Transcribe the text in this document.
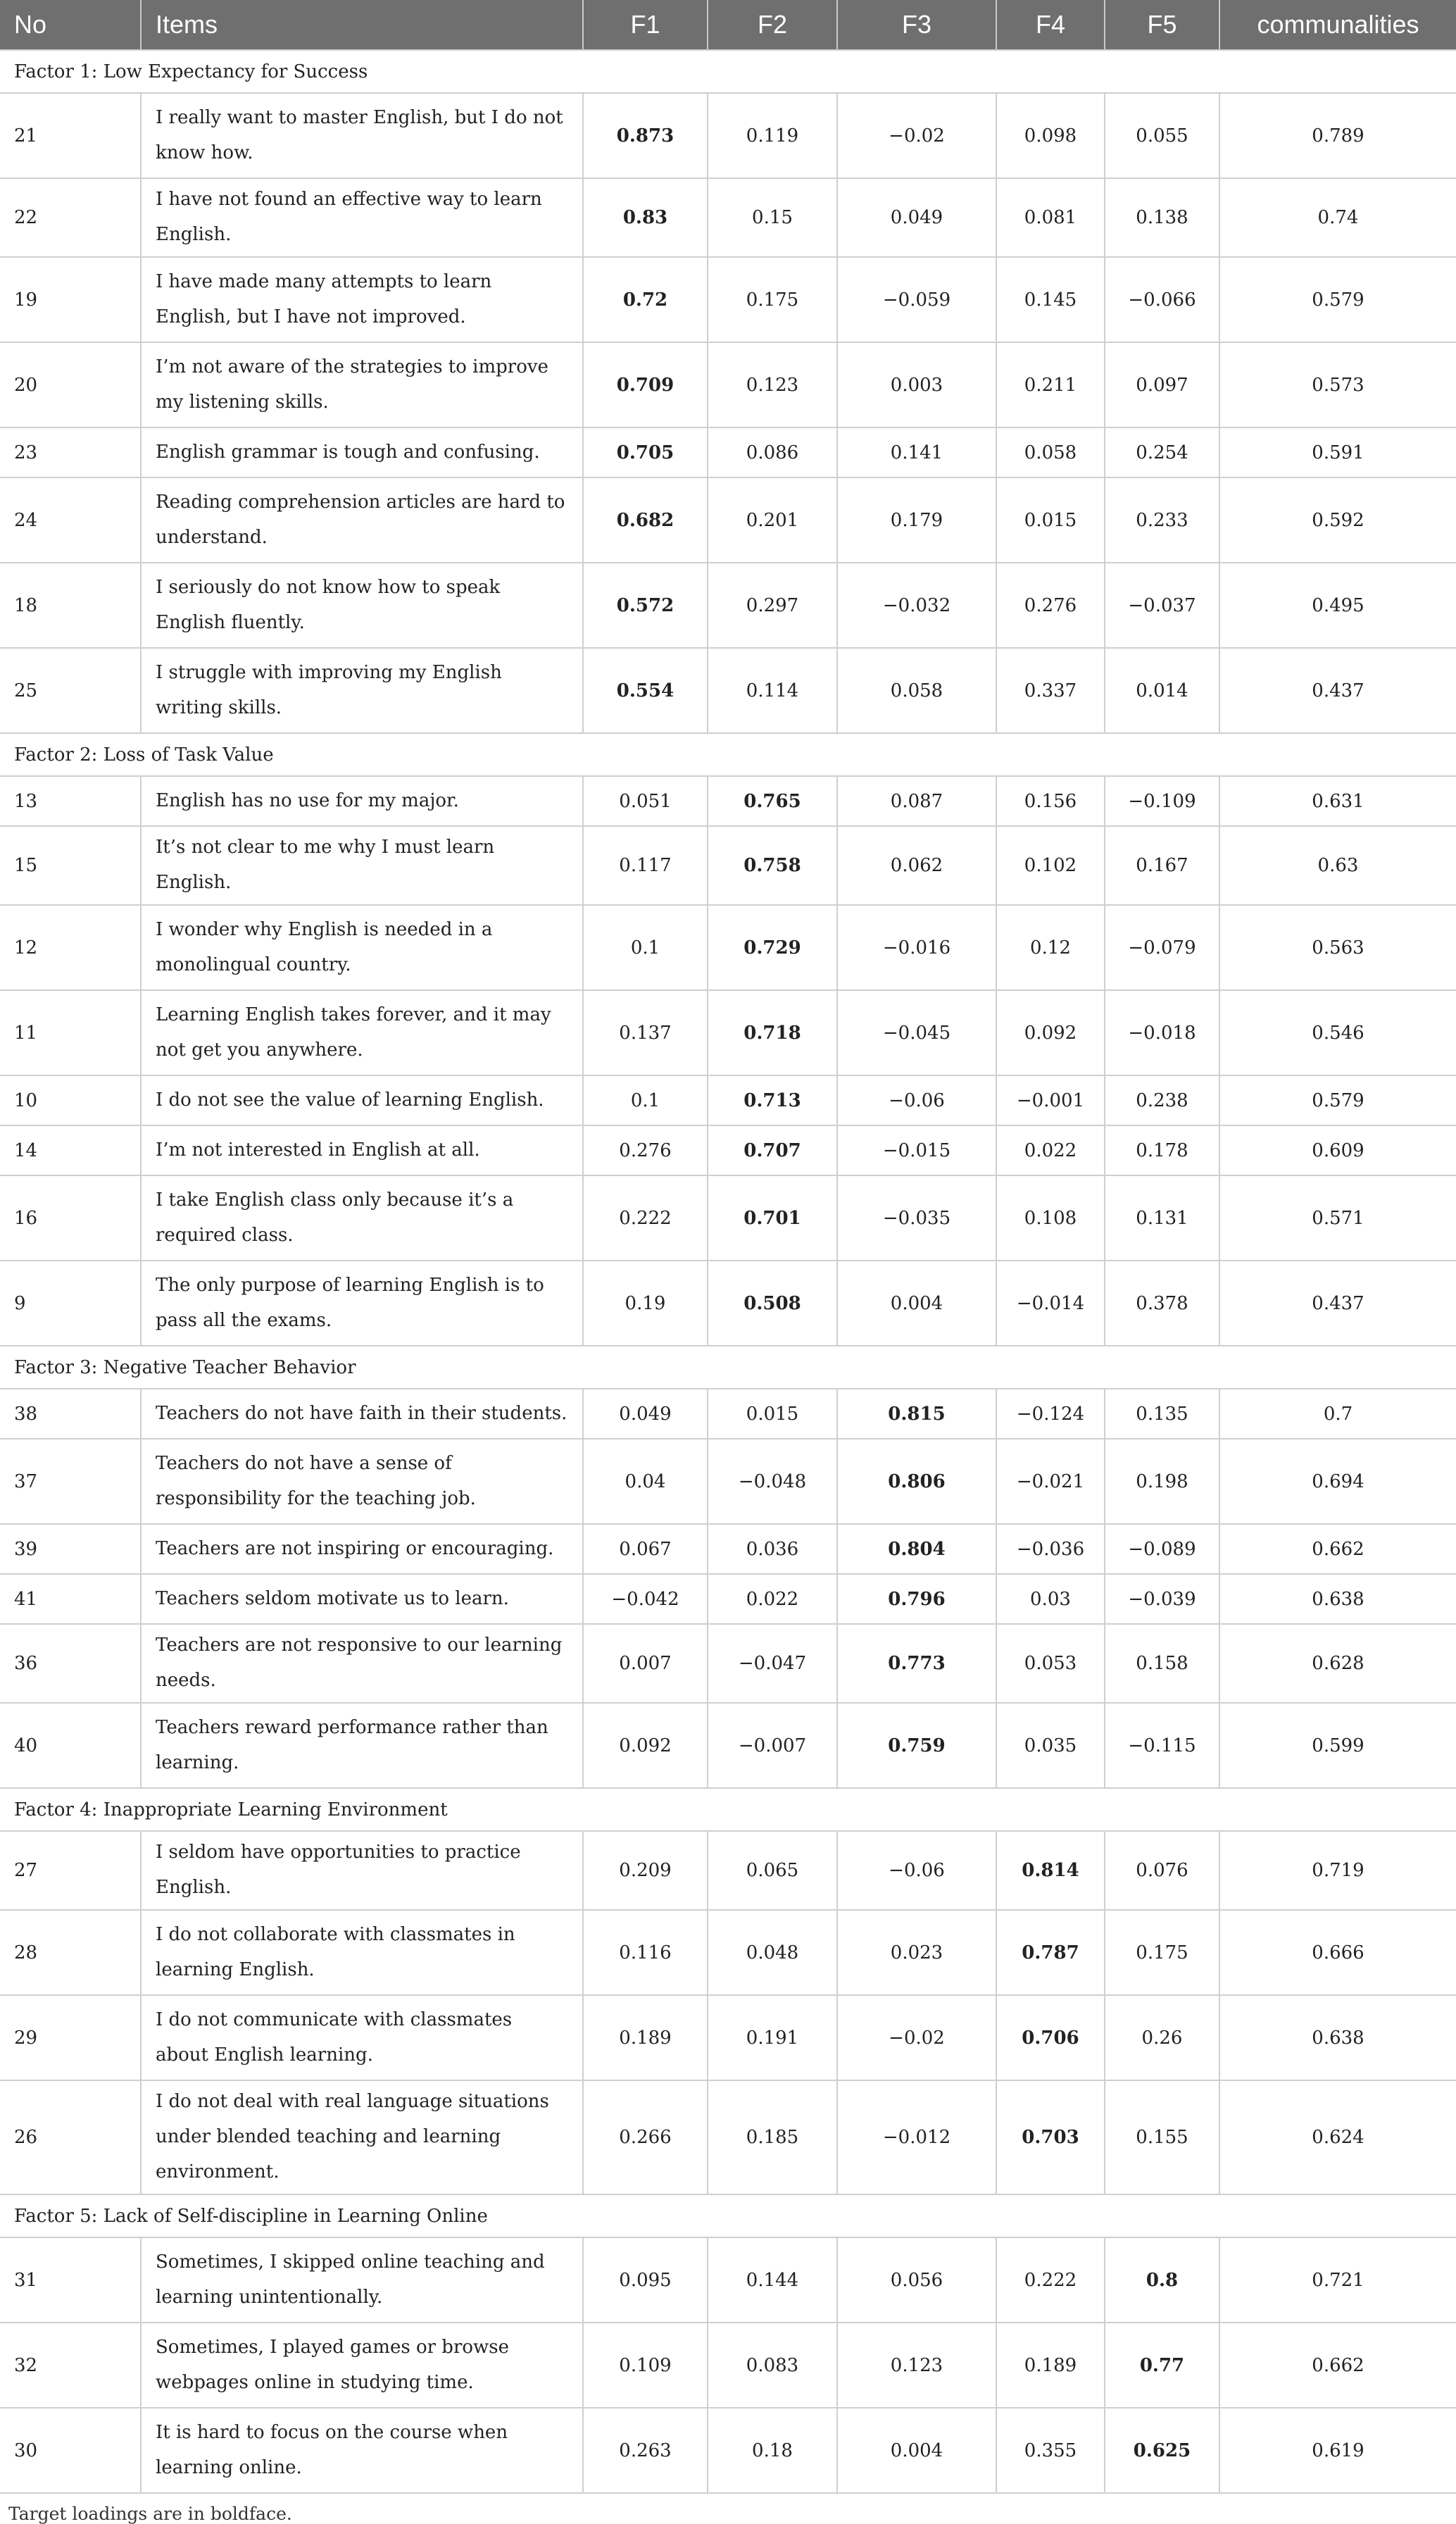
No	Items	F1	F2	F3	F4	F5	communalities
Factor 1: Low Expectancy for Success							
21	I really want to master English, but I do not know how.	0.873	0.119	−0.02	0.098	0.055	0.789
22	I have not found an effective way to learn English.	0.83	0.15	0.049	0.081	0.138	0.74
19	I have made many attempts to learn English, but I have not improved.	0.72	0.175	−0.059	0.145	−0.066	0.579
20	I’m not aware of the strategies to improve my listening skills.	0.709	0.123	0.003	0.211	0.097	0.573
23	English grammar is tough and confusing.	0.705	0.086	0.141	0.058	0.254	0.591
24	Reading comprehension articles are hard to understand.	0.682	0.201	0.179	0.015	0.233	0.592
18	I seriously do not know how to speak English fluently.	0.572	0.297	−0.032	0.276	−0.037	0.495
25	I struggle with improving my English writing skills.	0.554	0.114	0.058	0.337	0.014	0.437
Factor 2: Loss of Task Value							
13	English has no use for my major.	0.051	0.765	0.087	0.156	−0.109	0.631
15	It’s not clear to me why I must learn English.	0.117	0.758	0.062	0.102	0.167	0.63
12	I wonder why English is needed in a monolingual country.	0.1	0.729	−0.016	0.12	−0.079	0.563
11	Learning English takes forever, and it may not get you anywhere.	0.137	0.718	−0.045	0.092	−0.018	0.546
10	I do not see the value of learning English.	0.1	0.713	−0.06	−0.001	0.238	0.579
14	I’m not interested in English at all.	0.276	0.707	−0.015	0.022	0.178	0.609
16	I take English class only because it’s a required class.	0.222	0.701	−0.035	0.108	0.131	0.571
9	The only purpose of learning English is to pass all the exams.	0.19	0.508	0.004	−0.014	0.378	0.437
Factor 3: Negative Teacher Behavior							
38	Teachers do not have faith in their students.	0.049	0.015	0.815	−0.124	0.135	0.7
37	Teachers do not have a sense of responsibility for the teaching job.	0.04	−0.048	0.806	−0.021	0.198	0.694
39	Teachers are not inspiring or encouraging.	0.067	0.036	0.804	−0.036	−0.089	0.662
41	Teachers seldom motivate us to learn.	−0.042	0.022	0.796	0.03	−0.039	0.638
36	Teachers are not responsive to our learning needs.	0.007	−0.047	0.773	0.053	0.158	0.628
40	Teachers reward performance rather than learning.	0.092	−0.007	0.759	0.035	−0.115	0.599
Factor 4: Inappropriate Learning Environment							
27	I seldom have opportunities to practice English.	0.209	0.065	−0.06	0.814	0.076	0.719
28	I do not collaborate with classmates in learning English.	0.116	0.048	0.023	0.787	0.175	0.666
29	I do not communicate with classmates about English learning.	0.189	0.191	−0.02	0.706	0.26	0.638
26	I do not deal with real language situations under blended teaching and learning environment.	0.266	0.185	−0.012	0.703	0.155	0.624
Factor 5: Lack of Self-discipline in Learning Online							
31	Sometimes, I skipped online teaching and learning unintentionally.	0.095	0.144	0.056	0.222	0.8	0.721
32	Sometimes, I played games or browse webpages online in studying time.	0.109	0.083	0.123	0.189	0.77	0.662
30	It is hard to focus on the course when learning online.	0.263	0.18	0.004	0.355	0.625	0.619
Target loadings are in boldface.
